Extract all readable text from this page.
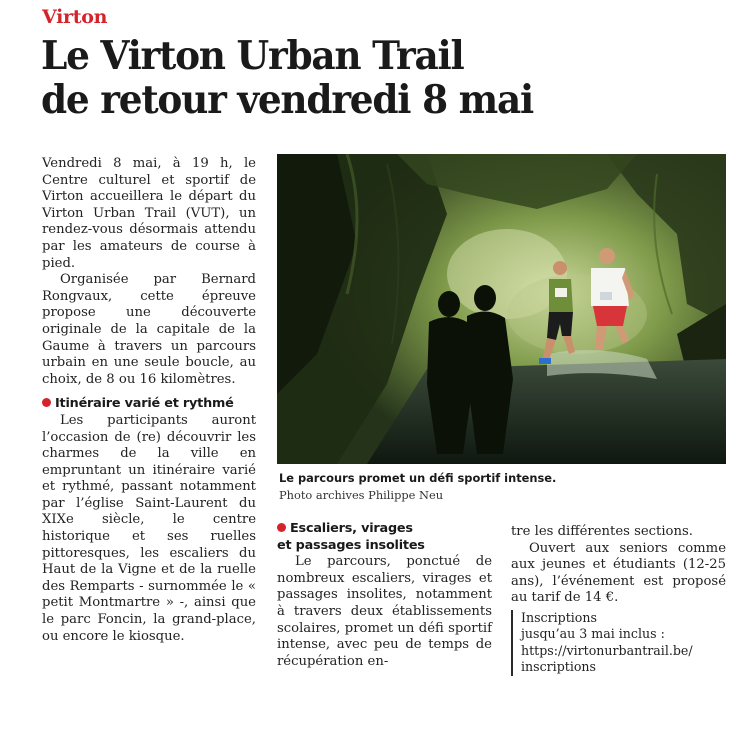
Virton
Le Virton Urban Trail
de retour vendredi 8 mai

Vendredi 8 mai, à 19 h, le Centre culturel et sportif de Virton accueillera le départ du Virton Urban Trail (VUT), un rendez-vous désormais attendu par les amateurs de course à pied.

Organisée par Bernard Rongvaux, cette épreuve propose une découverte originale de la capitale de la Gaume à travers un parcours urbain en une seule boucle, au choix, de 8 ou 16 kilomètres.

Itinéraire varié et rythmé

Les participants auront l’occasion de (re) découvrir les charmes de la ville en empruntant un itinéraire varié et rythmé, passant notamment par l’église Saint-Laurent du XIXe siècle, le centre historique et ses ruelles pittoresques, les escaliers du Haut de la Vigne et de la ruelle des Remparts - surnommée le « petit Montmartre » -, ainsi que le parc Foncin, la grand-place, ou encore le kiosque.

Le parcours promet un défi sportif intense.
Photo archives Philippe Neu
Escaliers, virages
et passages insolites

Le parcours, ponctué de nombreux escaliers, virages et passages insolites, notamment à travers deux établissements scolaires, promet un défi sportif intense, avec peu de temps de récupération en-

tre les différentes sections.

Ouvert aux seniors comme aux jeunes et étudiants (12-25 ans), l’événement est proposé au tarif de 14 €.

Inscriptions
jusqu’au 3 mai inclus :
https://virtonurbantrail.be/
inscriptions
